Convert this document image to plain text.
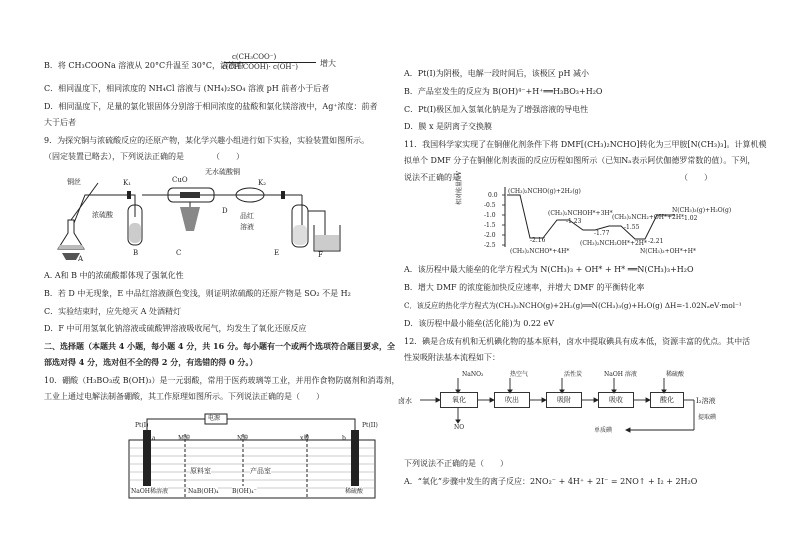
B．将 CH₃COONa 溶液从 20°C升温至 30°C，溶液中
c(CH₃COO⁻)
c(CH₃COOH)· c(OH⁻)	增大
C．相同温度下，相同浓度的 NH₄Cl 溶液与 (NH₄)₂SO₄ 溶液 pH 前者小于后者
D．相同温度下，足量的氯化银固体分别溶于相同浓度的盐酸和氯化镁溶液中，Ag⁺浓度：前者
大于后者
9．为探究铜与浓硫酸反应的还原产物，某化学兴趣小组进行如下实验，实验装置如图所示。
（固定装置已略去），下列说法正确的是　　　　（　　）
铜丝	K₁	CuO
无水硫酸铜
K₂
浓硫酸	D
品红
溶液
A
B	C	E	F
A. A和 B 中的浓硫酸都体现了强氧化性
B．若 D 中无现象，E 中品红溶液颜色变浅，则证明浓硫酸的还原产物是 SO₂ 不是 H₂
C．实验结束时，应先熄灭 A 处酒精灯
D．F 中可用氢氧化钠溶液或硫酸钾溶液吸收尾气，均发生了氧化还原反应
二、选择题（本题共 4 小题，每小题 4 分，共 16 分。每小题有一个或两个选项符合题目要求，全
部选对得 4 分，选对但不全的得 2 分，有选错的得 0 分。）
10．硼酸（H₃BO₃或 B(OH)₃）是一元弱酸，常用于医药玻璃等工业，并用作食物防腐剂和消毒剂，
工业上通过电解法制备硼酸，其工作原理如图所示。下列说法正确的是（　　）
电源
Pt(I)	Pt(II)
M膜	N膜	x膜
a	b
原料室	产品室
NaOH稀溶液	NaB(OH)₄ B(OH)₄⁻	稀硫酸
A．Pt(I)为阴极，电解一段时间后，该极区 pH 减小
B．产品室发生的反应为 B(OH)⁴⁻+H⁺══H₃BO₃+H₂O
C．Pt(I)极区加入氢氧化钠是为了增强溶液的导电性
D．膜 x 是阴离子交换膜
11．我国科学家实现了在铜催化剂条件下将 DMF[(CH₃)₂NCHO]转化为三甲胺[N(CH₃)₃]。计算机模
拟单个 DMF 分子在铜催化剂表面的反应历程如图所示（已知Nₐ表示阿伏伽德罗常数的值）。下列，
说法不正确的是　　　　　　　　　　　　　　　　　　　　　　　　　　　　（　　）
相对能量/eV	0.0
-0.5
-1.0
-1.5
-2.0
-2.5
(CH₃)₂NCHO(g)+2H₂(g)
(CH₃)₂NCHOH*+3H*
(CH₃)₂NCH₂+OH*+2H*
N(CH₃)₃(g)+H₂O(g)
(CH₃)₂NCHO*+4H*
(CH₃)₂NCH₂OH*+2H*
N(CH₃)₃+OH*+H*
-1.23
-1.55
-1.02
-2.16
-1.77
-2.21
A．该历程中最大能垒的化学方程式为 N(CH₃)₃ + OH* + H* ══N(CH₃)₃+H₂O
B．增大 DMF 的浓度能加快反应速率，并增大 DMF 的平衡转化率
C．该反应的热化学方程式为(CH₃)₂NCHO(g)+2H₂(g)══N(CH₃)₃(g)+H₂O(g) ΔH=-1.02NₐeV·mol⁻¹
D．该历程中最小能垒(活化能)为 0.22 eV
12．碘是合成有机和无机碘化物的基本原料，卤水中提取碘具有成本低，资源丰富的优点。其中活
性炭吸附法基本流程如下：
卤水	氧化	吹出	吸附	吸收	酸化
NaNO₂	热空气	活性炭	NaOH 溶液	稀硫酸
NO
I₂溶液
提取碘
单质碘
下列说法不正确的是（　　）
A．“氧化”步骤中发生的离子反应：2NO₂⁻ + 4H⁺ + 2I⁻ = 2NO↑ + I₂ + 2H₂O
